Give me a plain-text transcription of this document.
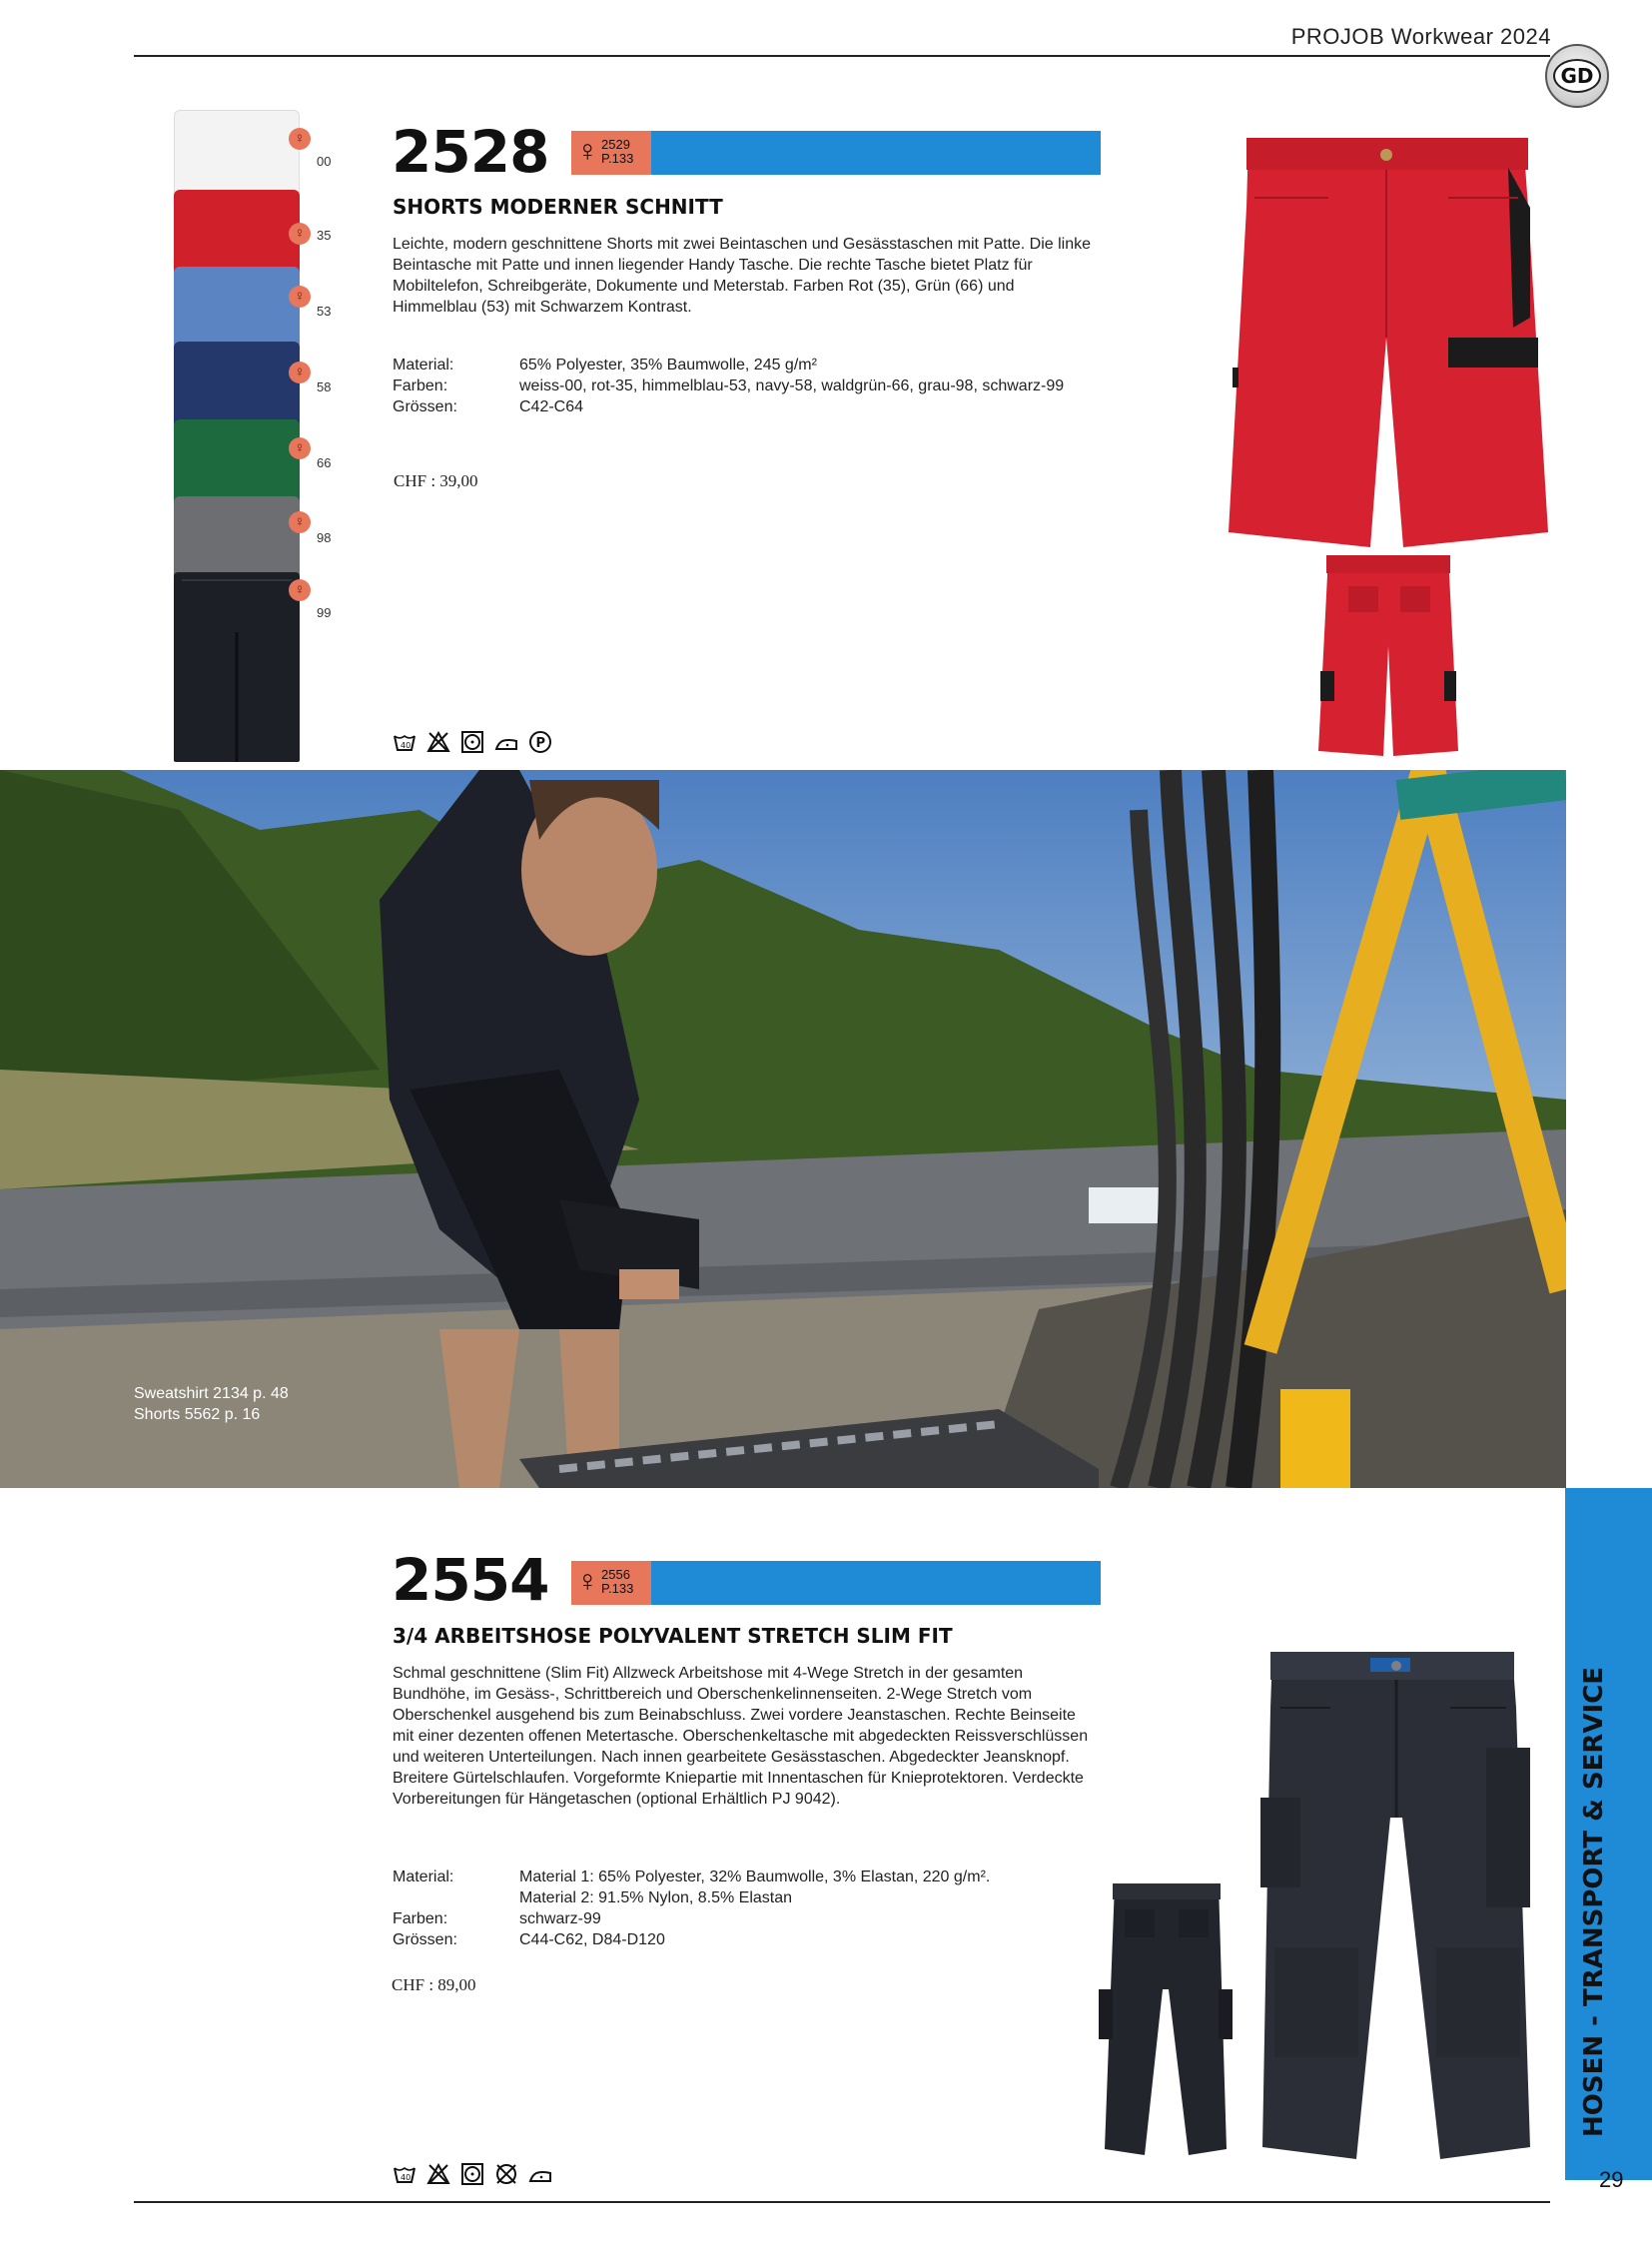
PROJOB Workwear 2024
GD
♀
♀
♀
♀
♀
♀
♀
00
35
53
58
66
98
99
2528 ♀ 2529
P.133
SHORTS MODERNER SCHNITT
Leichte, modern geschnittene Shorts mit zwei Beintaschen und Gesässtaschen mit Patte. Die linke Beintasche mit Patte und innen liegender Handy Tasche. Die rechte Tasche bietet Platz für Mobiltelefon, Schreibgeräte, Dokumente und Meterstab. Farben Rot (35), Grün (66) und Himmelblau (53) mit Schwarzem Kontrast.
Material:	65% Polyester, 35% Baumwolle, 245 g/m²
Farben:	weiss-00, rot-35, himmelblau-53, navy-58, waldgrün-66, grau-98, schwarz-99
Grössen:	C42-C64
CHF : 39,00
40	P
Sweatshirt 2134 p. 48
Shorts 5562 p. 16
HOSEN - TRANSPORT & SERVICE
29
2554 ♀ 2556
P.133
3/4 ARBEITSHOSE POLYVALENT STRETCH SLIM FIT
Schmal geschnittene (Slim Fit) Allzweck Arbeitshose mit 4-Wege Stretch in der gesamten Bundhöhe, im Gesäss-, Schrittbereich und Oberschenkelinnenseiten. 2-Wege Stretch vom Oberschenkel ausgehend bis zum Beinabschluss. Zwei vordere Jeanstaschen. Rechte Beinseite mit einer dezenten offenen Metertasche. Oberschenkeltasche mit abgedeckten Reissverschlüssen und weiteren Unterteilungen. Nach innen gearbeitete Gesässtaschen. Abgedeckter Jeansknopf. Breitere Gürtelschlaufen. Vorgeformte Kniepartie mit Innentaschen für Knieprotektoren. Verdeckte Vorbereitungen für Hängetaschen (optional Erhältlich PJ 9042).
Material:	Material 1: 65% Polyester, 32% Baumwolle, 3% Elastan, 220 g/m².
Material 2: 91.5% Nylon, 8.5% Elastan
Farben:	schwarz-99
Grössen:	C44-C62, D84-D120
CHF : 89,00
40
